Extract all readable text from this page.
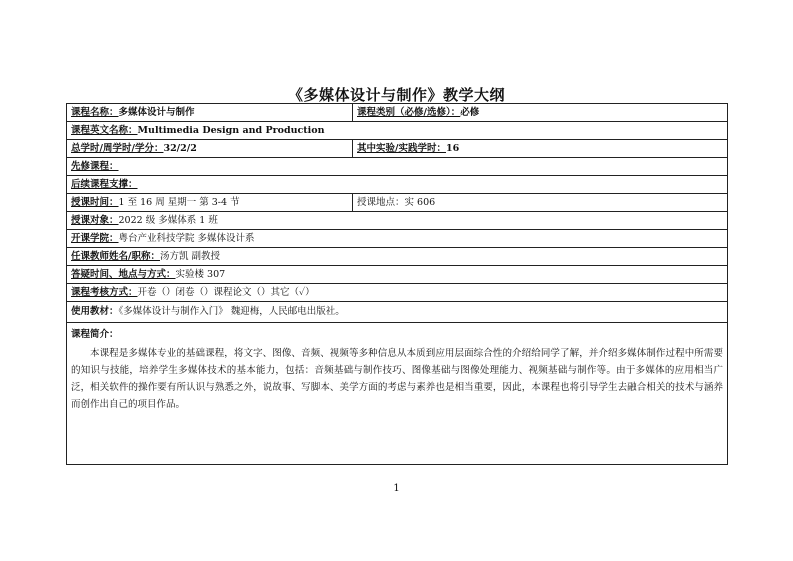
《多媒体设计与制作》教学大纲
课程名称：多媒体设计与制作	课程类别（必修/选修）：必修
课程英文名称：Multimedia Design and Production	
总学时/周学时/学分：32/2/2	其中实验/实践学时：16
先修课程：	
后续课程支撑：	
授课时间：1 至 16 周 星期一 第 3-4 节	授课地点：实 606
授课对象：2022 级 多媒体系 1 班	
开课学院：粤台产业科技学院 多媒体设计系	
任课教师姓名/职称：汤方凯 副教授	
答疑时间、地点与方式：实验楼 307	
课程考核方式：开卷（）闭卷（）课程论文（）其它（✓）	
使用教材：《多媒体设计与制作入门》 魏迎梅，人民邮电出版社。	

课程简介：

本课程是多媒体专业的基础课程，将文字、图像、音频、视频等多种信息从本质到应用层面综合性的介绍给同学了解，并介绍多媒体制作过程中所需要的知识与技能，培养学生多媒体技术的基本能力，包括：音频基础与制作技巧、图像基础与图像处理能力、视频基础与制作等。由于多媒体的应用相当广泛，相关软件的操作要有所认识与熟悉之外，说故事、写脚本、美学方面的考虑与素养也是相当重要，因此，本课程也将引导学生去融合相关的技术与涵养而创作出自己的项目作品。	

1
